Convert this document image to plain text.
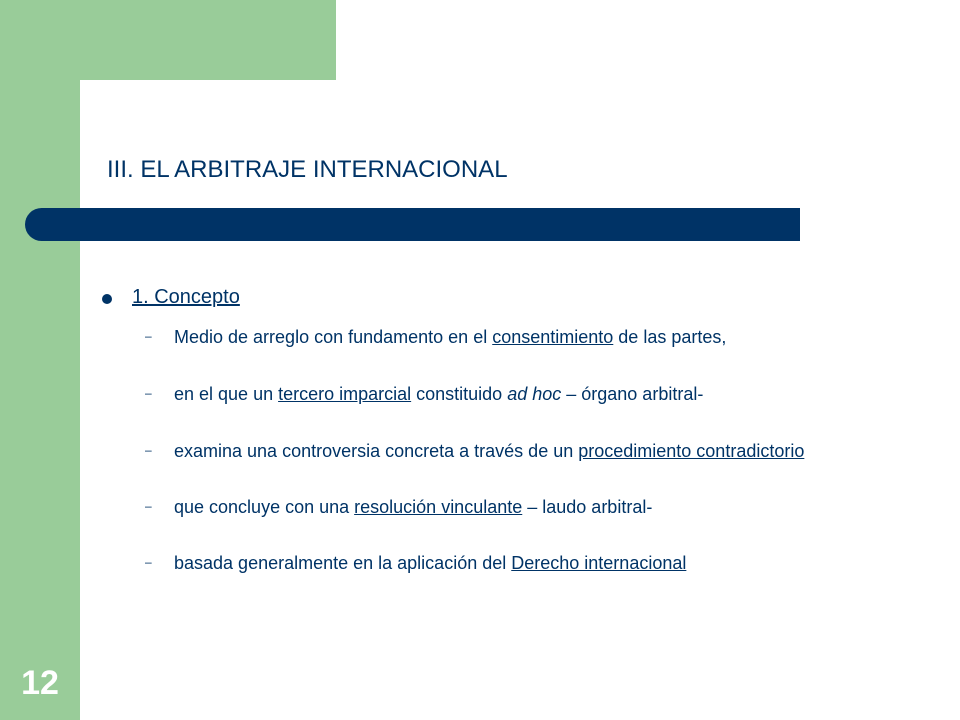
12
III. EL ARBITRAJE INTERNACIONAL
1. Concepto
– Medio de arreglo con fundamento en el consentimiento de las partes,
– en el que un tercero imparcial constituido ad hoc – órgano arbitral-
– examina una controversia concreta a través de un procedimiento contradictorio
– que concluye con una resolución vinculante – laudo arbitral-
– basada generalmente en la aplicación del Derecho internacional
